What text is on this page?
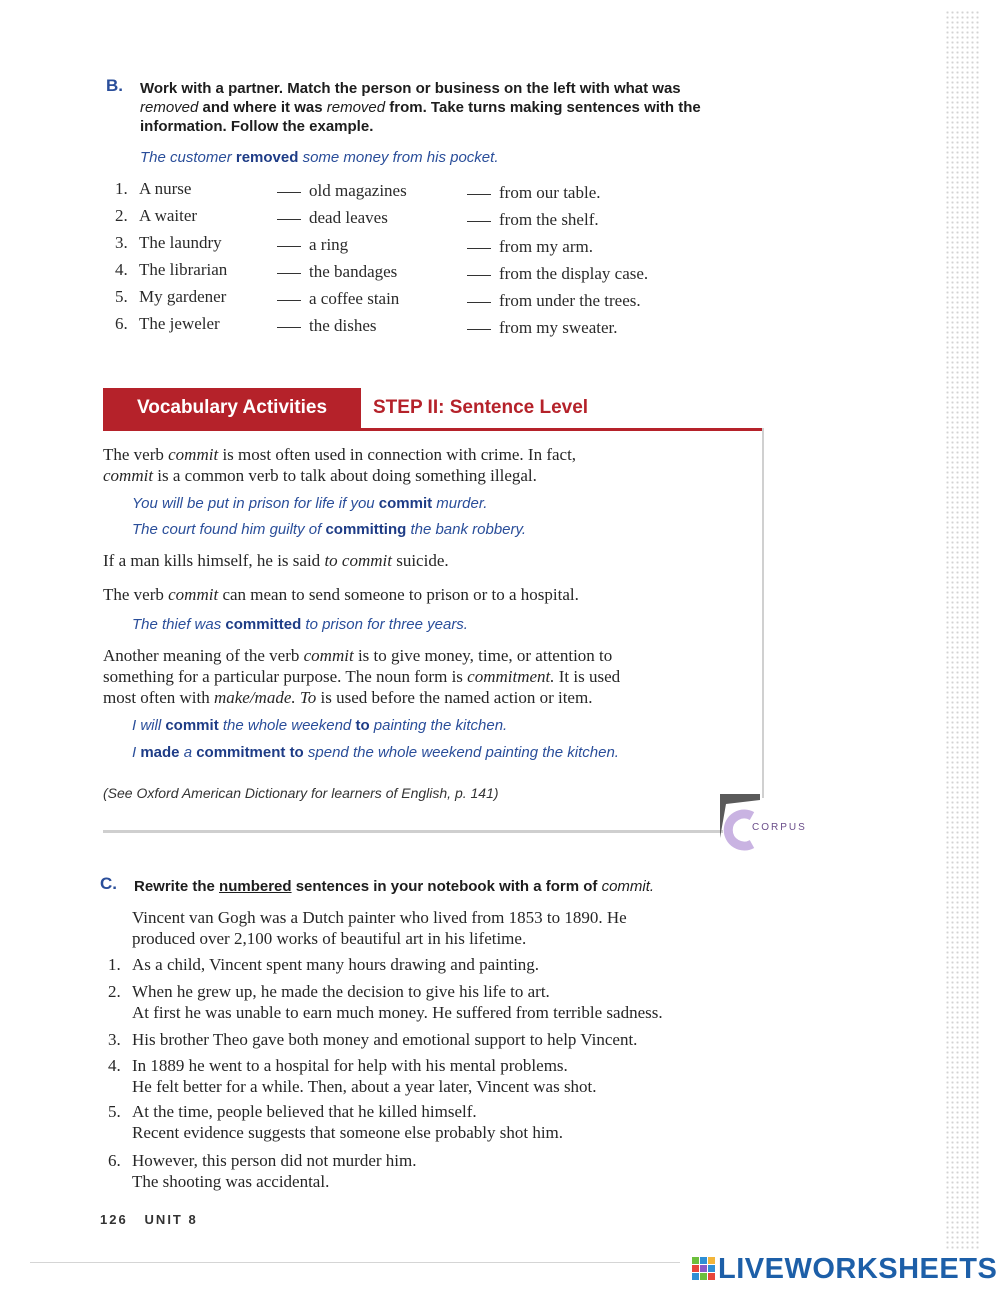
B. Work with a partner. Match the person or business on the left with what was
removed and where it was removed from. Take turns making sentences with the
information. Follow the example.
The customer removed some money from his pocket.
1. A nurse	old magazines	from our table.
2. A waiter	dead leaves	from the shelf.
3. The laundry	a ring	from my arm.
4. The librarian	the bandages	from the display case.
5. My gardener	a coffee stain	from under the trees.
6. The jeweler	the dishes	from my sweater.
Vocabulary Activities	STEP II: Sentence Level
The verb commit is most often used in connection with crime. In fact,
commit is a common verb to talk about doing something illegal.
You will be put in prison for life if you commit murder.
The court found him guilty of committing the bank robbery.
If a man kills himself, he is said to commit suicide.
The verb commit can mean to send someone to prison or to a hospital.
The thief was committed to prison for three years.
Another meaning of the verb commit is to give money, time, or attention to
something for a particular purpose. The noun form is commitment. It is used
most often with make/made. To is used before the named action or item.
I will commit the whole weekend to painting the kitchen.
I made a commitment to spend the whole weekend painting the kitchen.
(See Oxford American Dictionary for learners of English, p. 141)
CORPUS
C. Rewrite the numbered sentences in your notebook with a form of commit.
Vincent van Gogh was a Dutch painter who lived from 1853 to 1890. He
produced over 2,100 works of beautiful art in his lifetime.
1. As a child, Vincent spent many hours drawing and painting.
2. When he grew up, he made the decision to give his life to art.
At first he was unable to earn much money. He suffered from terrible sadness.
3. His brother Theo gave both money and emotional support to help Vincent.
4. In 1889 he went to a hospital for help with his mental problems.
He felt better for a while. Then, about a year later, Vincent was shot.
5. At the time, people believed that he killed himself.
Recent evidence suggests that someone else probably shot him.
6. However, this person did not murder him.
The shooting was accidental.
126 UNIT 8
LIVEWORKSHEETS
